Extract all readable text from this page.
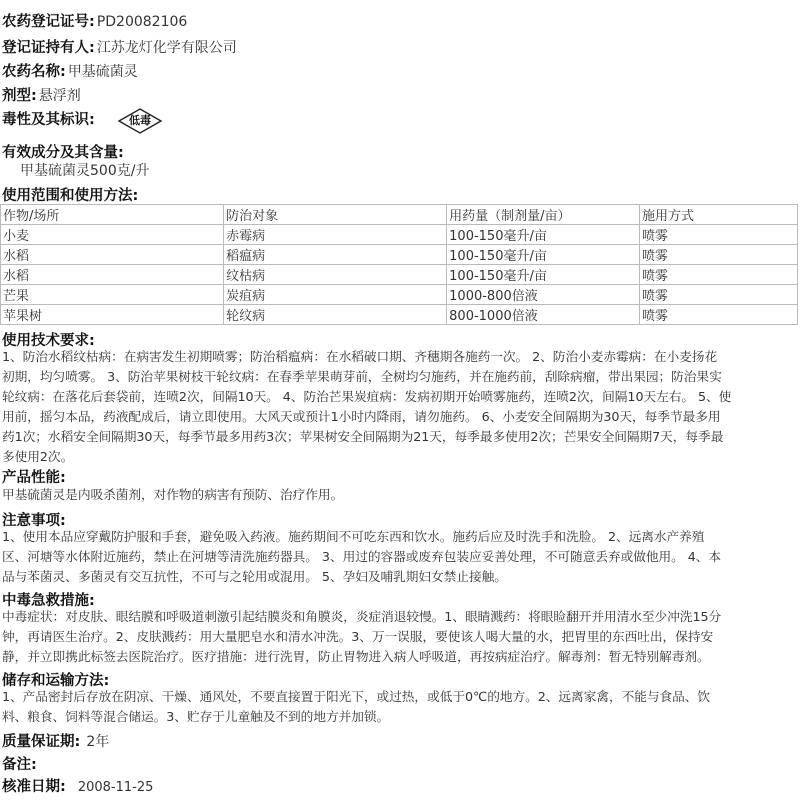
农药登记证号: PD20082106
登记证持有人: 江苏龙灯化学有限公司
农药名称: 甲基硫菌灵
剂型: 悬浮剂
毒性及其标识:	低毒
有效成分及其含量:
甲基硫菌灵500克/升
使用范围和使用方法:
作物/场所	防治对象	用药量（制剂量/亩）	施用方式
小麦	赤霉病	100-150毫升/亩	喷雾
水稻	稻瘟病	100-150毫升/亩	喷雾
水稻	纹枯病	100-150毫升/亩	喷雾
芒果	炭疽病	1000-800倍液	喷雾
苹果树	轮纹病	800-1000倍液	喷雾
使用技术要求:
1、防治水稻纹枯病：在病害发生初期喷雾；防治稻瘟病：在水稻破口期、齐穗期各施药一次。 2、防治小麦赤霉病：在小麦扬花
初期，均匀喷雾。 3、防治苹果树枝干轮纹病：在春季苹果萌芽前，全树均匀施药，并在施药前，刮除病瘤，带出果园；防治果实
轮纹病：在落花后套袋前，连喷2次，间隔10天。 4、防治芒果炭疽病：发病初期开始喷雾施药，连喷2次，间隔10天左右。 5、使
用前，摇匀本品，药液配成后，请立即使用。大风天或预计1小时内降雨，请勿施药。 6、小麦安全间隔期为30天，每季节最多用
药1次；水稻安全间隔期30天，每季节最多用药3次；苹果树安全间隔期为21天，每季最多使用2次；芒果安全间隔期7天，每季最
多使用2次。
产品性能:
甲基硫菌灵是内吸杀菌剂，对作物的病害有预防、治疗作用。
注意事项:
1、使用本品应穿戴防护服和手套，避免吸入药液。施药期间不可吃东西和饮水。施药后应及时洗手和洗脸。 2、远离水产养殖
区、河塘等水体附近施药，禁止在河塘等清洗施药器具。 3、用过的容器或废弃包装应妥善处理，不可随意丢弃或做他用。 4、本
品与苯菌灵、多菌灵有交互抗性，不可与之轮用或混用。 5、孕妇及哺乳期妇女禁止接触。
中毒急救措施:
中毒症状：对皮肤、眼结膜和呼吸道刺激引起结膜炎和角膜炎，炎症消退较慢。1、眼睛溅药：将眼睑翻开并用清水至少冲洗15分
钟，再请医生治疗。2、皮肤溅药：用大量肥皂水和清水冲洗。3、万一误服，要使该人喝大量的水，把胃里的东西吐出，保持安
静，并立即携此标签去医院治疗。医疗措施：进行洗胃，防止胃物进入病人呼吸道，再按病症治疗。解毒剂：暂无特别解毒剂。
储存和运输方法:
1、产品密封后存放在阴凉、干燥、通风处，不要直接置于阳光下，或过热，或低于0℃的地方。2、远离家禽，不能与食品、饮
料、粮食、饲料等混合储运。3、贮存于儿童触及不到的地方并加锁。
质量保证期: 2年
备注:
核准日期: 2008-11-25
